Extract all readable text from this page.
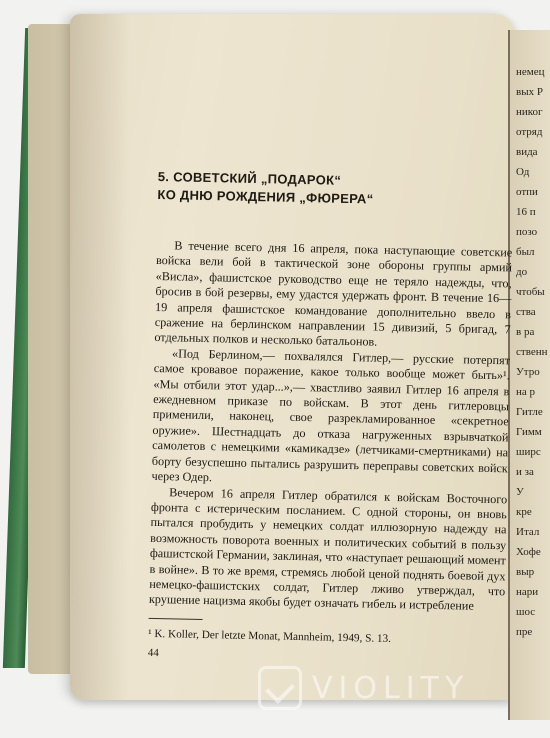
немец
вых Р
никог
отряд
вида
Од
отпи
16 п
позо
был
до
чтобы
ства
в ра
ственн
Утро
на р
Гитле
Гимм
ширс
и за
У
кре
Итал
Хофе
выр
нари
шос
пре
5. СОВЕТСКИЙ „ПОДАРОК“
КО ДНЮ РОЖДЕНИЯ „ФЮРЕРА“

В течение всего дня 16 апреля, пока наступающие советские войска вели бой в тактической зоне обороны группы армий «Висла», фашистское руководство еще не теряло надежды, что, бросив в бой резервы, ему удастся удержать фронт. В течение 16—19 апреля фашистское командование дополнительно ввело в сражение на берлинском направлении 15 дивизий, 5 бригад, 7 отдельных полков и несколько батальонов.

«Под Берлином,— похвалялся Гитлер,— русские потерпят самое кровавое поражение, какое только вообще может быть»¹. «Мы отбили этот удар...»,— хвастливо заявил Гитлер 16 апреля в ежедневном приказе по войскам. В этот день гитлеровцы применили, наконец, свое разрекламированное «секретное оружие». Шестнадцать до отказа нагруженных взрывчаткой самолетов с немецкими «камикадзе» (летчиками-смертниками) на борту безуспешно пытались разрушить переправы советских войск через Одер.

Вечером 16 апреля Гитлер обратился к войскам Восточного фронта с истерическим посланием. С одной стороны, он вновь пытался пробудить у немецких солдат иллюзорную надежду на возможность поворота военных и политических событий в пользу фашистской Германии, заклиная, что «наступает решающий момент в войне». В то же время, стремясь любой ценой поднять боевой дух немецко-фашистских солдат, Гитлер лживо утверждал, что крушение нацизма якобы будет означать гибель и истребление

¹ K. Koller, Der letzte Monat, Mannheim, 1949, S. 13.
44
VIOLITY
